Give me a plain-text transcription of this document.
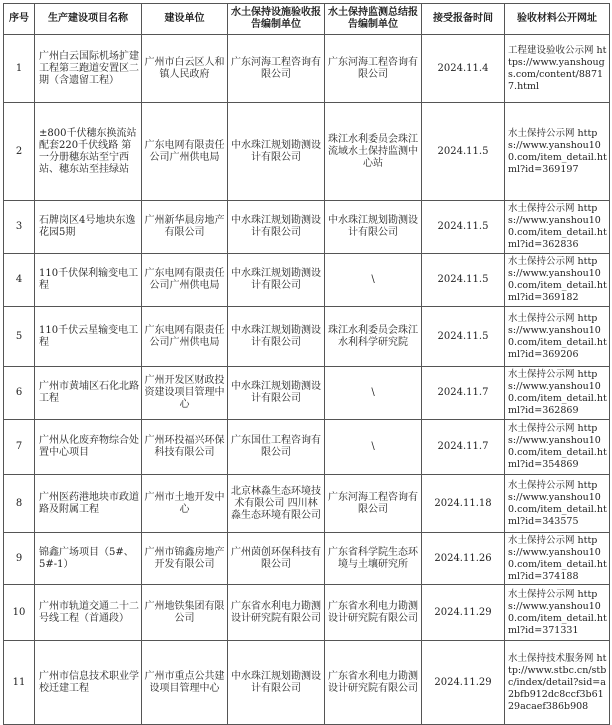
序号	生产建设项目名称	建设单位	水土保持设施验收报告编制单位	水土保持监测总结报告编制单位	接受报备时间	验收材料公开网址
1	广州白云国际机场扩建工程第三跑道安置区二期（含遗留工程）	广州市白云区人和镇人民政府	广东河海工程咨询有限公司	广东河海工程咨询有限公司	2024.11.4	工程建设验收公示网 https://www.yanshougs.com/content/88717.html
2	±800千伏穗东换流站配套220千伏线路 第一分册穗东站至宁西站、穗东站至挂绿站	广东电网有限责任公司广州供电局	中水珠江规划勘测设计有限公司	珠江水利委员会珠江流域水土保持监测中心站	2024.11.5	水土保持公示网 https://www.yanshou100.com/item_detail.html?id=369197
3	石牌岗区4号地块东逸花园5期	广州新华晨房地产有限公司	中水珠江规划勘测设计有限公司	中水珠江规划勘测设计有限公司	2024.11.5	水土保持公示网 https://www.yanshou100.com/item_detail.html?id=362836
4	110千伏保利输变电工程	广东电网有限责任公司广州供电局	中水珠江规划勘测设计有限公司	\	2024.11.5	水土保持公示网 https://www.yanshou100.com/item_detail.html?id=369182
5	110千伏云星输变电工程	广东电网有限责任公司广州供电局	中水珠江规划勘测设计有限公司	珠江水利委员会珠江水利科学研究院	2024.11.5	水土保持公示网 https://www.yanshou100.com/item_detail.html?id=369206
6	广州市黄埔区石化北路工程	广州开发区财政投资建设项目管理中心	中水珠江规划勘测设计有限公司	\	2024.11.7	水土保持公示网 https://www.yanshou100.com/item_detail.html?id=362869
7	广州从化废弃物综合处置中心项目	广州环投福兴环保科技有限公司	广东国仕工程咨询有限公司	\	2024.11.7	水土保持公示网 https://www.yanshou100.com/item_detail.html?id=354869
8	广州医药港地块市政道路及附属工程	广州市土地开发中心	北京林淼生态环境技术有限公司 四川林淼生态环境有限公司	广东河海工程咨询有限公司	2024.11.18	水土保持公示网 https://www.yanshou100.com/item_detail.html?id=343575
9	锦鑫广场项目（5#、5#-1）	广州市锦鑫房地产开发有限公司	广州茵创环保科技有限公司	广东省科学院生态环境与土壤研究所	2024.11.26	水土保持公示网 https://www.yanshou100.com/item_detail.html?id=374188
10	广州市轨道交通二十二号线工程（首通段）	广州地铁集团有限公司	广东省水利电力勘测设计研究院有限公司	广东省水利电力勘测设计研究院有限公司	2024.11.29	水土保持公示网 https://www.yanshou100.com/item_detail.html?id=371331
11	广州市信息技术职业学校迁建工程	广州市重点公共建设项目管理中心	中水珠江规划勘测设计有限公司	广东省水利电力勘测设计研究院有限公司	2024.11.29	水土保持技术服务网 http://www.stbc.cn/stbc/index/detail?sid=a2bfb912dc8ccf3b6129acaef386b908
